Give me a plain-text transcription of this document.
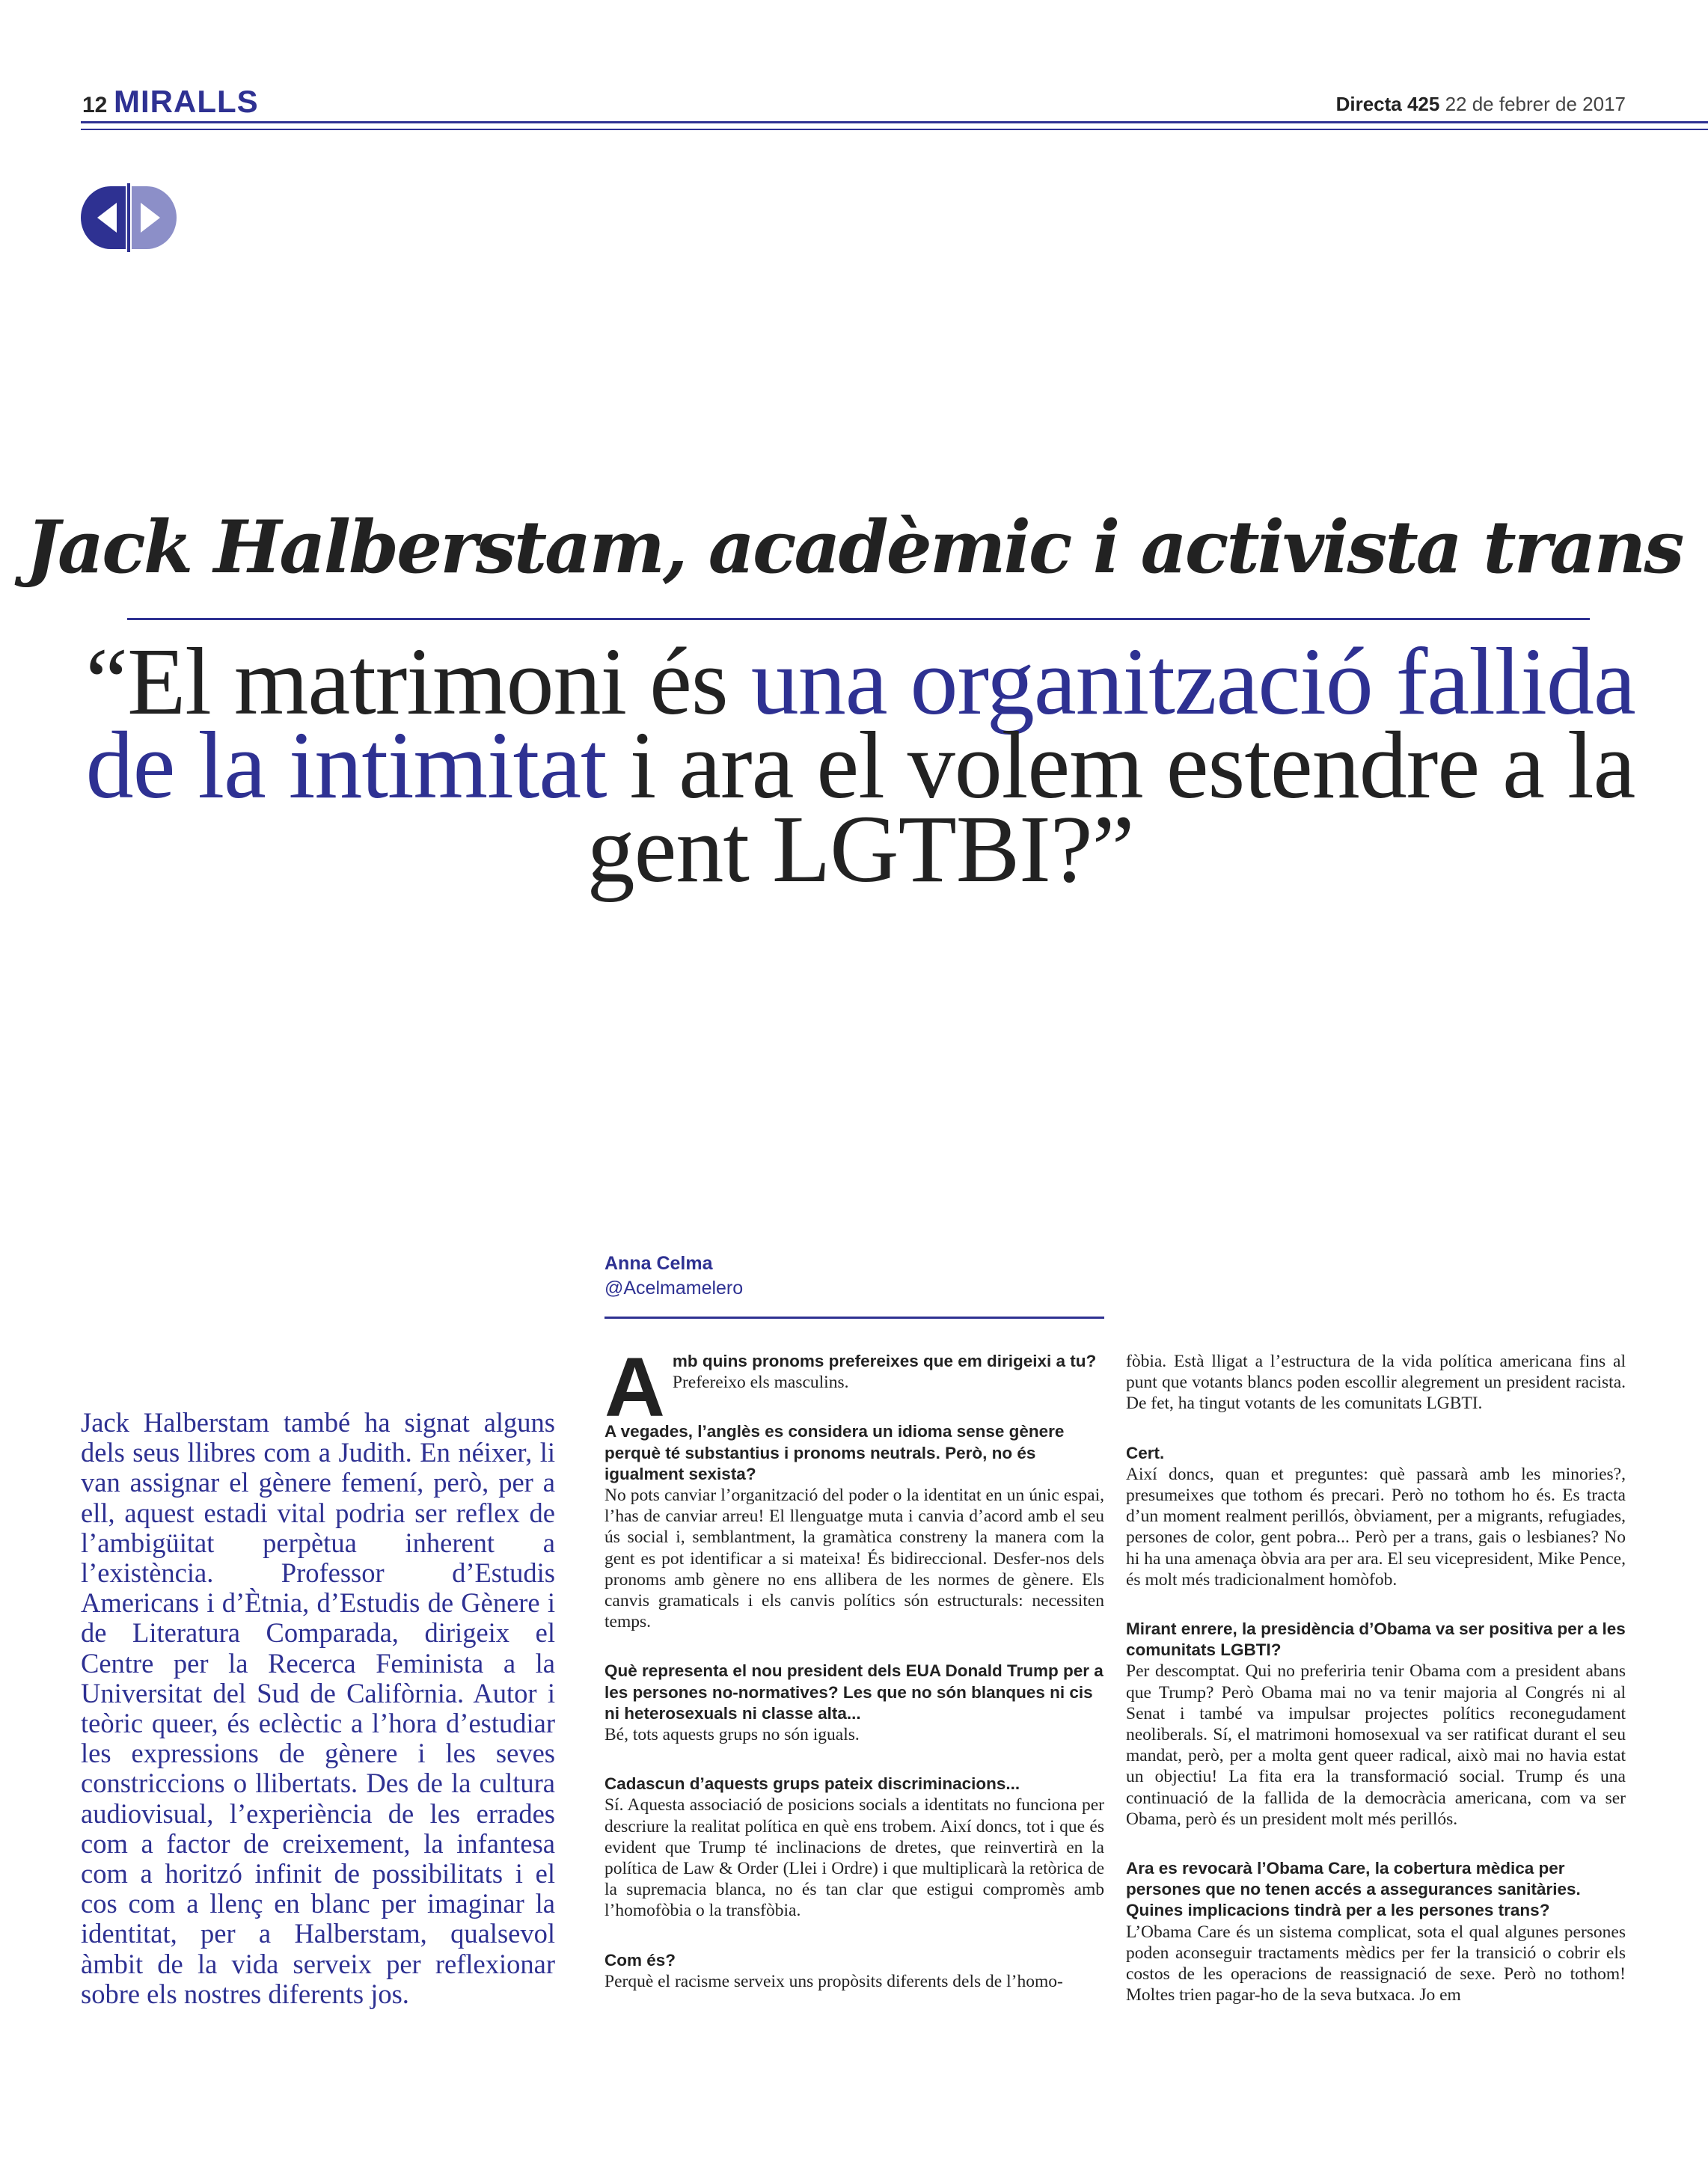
12 MIRALLS	Directa 425 22 de febrer de 2017
Jack Halberstam, acadèmic i activista trans
“El matrimoni és una organització fallida de la intimitat i ara el volem estendre a la gent LGTBI?”
Anna Celma
@Acelmamelero

Jack Halberstam també ha signat alguns dels seus llibres com a Judith. En néixer, li van assignar el gènere femení, però, per a ell, aquest estadi vital podria ser reflex de l’ambigüitat perpètua inherent a l’existència. Professor d’Estudis Americans i d’Ètnia, d’Estudis de Gènere i de Literatura Comparada, dirigeix el Centre per la Recerca Feminista a la Universitat del Sud de Califòrnia. Autor i teòric queer, és eclèctic a l’hora d’estudiar les expressions de gènere i les seves constriccions o llibertats. Des de la cultura audiovisual, l’experiència de les errades com a factor de creixement, la infantesa com a horitzó infinit de possibilitats i el cos com a llenç en blanc per imaginar la identitat, per a Halberstam, qualsevol àmbit de la vida serveix per reflexionar sobre els nostres diferents jos.

Amb quins pronoms prefereixes que em dirigeixi a tu?

Prefereixo els masculins.

A vegades, l’anglès es considera un idioma sense gènere perquè té substantius i pronoms neutrals. Però, no és igualment sexista?

No pots canviar l’organització del poder o la identitat en un únic espai, l’has de canviar arreu! El llenguatge muta i canvia d’acord amb el seu ús social i, semblantment, la gramàtica constreny la manera com la gent es pot identificar a si mateixa! És bidireccional. Desfer-nos dels pronoms amb gènere no ens allibera de les normes de gènere. Els canvis gramaticals i els canvis polítics són estructurals: necessiten temps.

Què representa el nou president dels EUA Donald Trump per a les persones no-normatives? Les que no són blanques ni cis ni heterosexuals ni classe alta...

Bé, tots aquests grups no són iguals.

Cadascun d’aquests grups pateix discriminacions...

Sí. Aquesta associació de posicions socials a identitats no funciona per descriure la realitat política en què ens trobem. Així doncs, tot i que és evident que Trump té inclinacions de dretes, que reinvertirà en la política de Law & Order (Llei i Ordre) i que multiplicarà la retòrica de la supremacia blanca, no és tan clar que estigui compromès amb l’homofòbia o la transfòbia.

Com és?

Perquè el racisme serveix uns propòsits diferents dels de l’homo-

fòbia. Està lligat a l’estructura de la vida política americana fins al punt que votants blancs poden escollir alegrement un president racista. De fet, ha tingut votants de les comunitats LGBTI.

Cert.

Així doncs, quan et preguntes: què passarà amb les minories?, presumeixes que tothom és precari. Però no tothom ho és. Es tracta d’un moment realment perillós, òbviament, per a migrants, refugiades, persones de color, gent pobra... Però per a trans, gais o lesbianes? No hi ha una amenaça òbvia ara per ara. El seu vicepresident, Mike Pence, és molt més tradicionalment homòfob.

Mirant enrere, la presidència d’Obama va ser positiva per a les comunitats LGBTI?

Per descomptat. Qui no preferiria tenir Obama com a president abans que Trump? Però Obama mai no va tenir majoria al Congrés ni al Senat i també va impulsar projectes polítics reconegudament neoliberals. Sí, el matrimoni homosexual va ser ratificat durant el seu mandat, però, per a molta gent queer radical, això mai no havia estat un objectiu! La fita era la transformació social. Trump és una continuació de la fallida de la democràcia americana, com va ser Obama, però és un president molt més perillós.

Ara es revocarà l’Obama Care, la cobertura mèdica per persones que no tenen accés a assegurances sanitàries. Quines implicacions tindrà per a les persones trans?

L’Obama Care és un sistema complicat, sota el qual algunes persones poden aconseguir tractaments mèdics per fer la transició o cobrir els costos de les operacions de reassignació de sexe. Però no tothom! Moltes trien pagar-ho de la seva butxaca. Jo em
